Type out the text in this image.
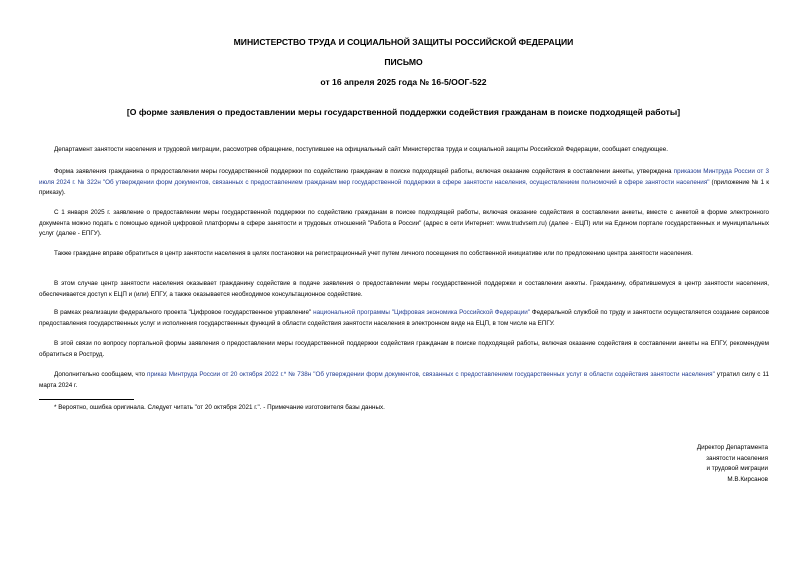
МИНИСТЕРСТВО ТРУДА И СОЦИАЛЬНОЙ ЗАЩИТЫ РОССИЙСКОЙ ФЕДЕРАЦИИ
ПИСЬМО
от 16 апреля 2025 года № 16-5/ООГ-522
[О форме заявления о предоставлении меры государственной поддержки содействия гражданам в поиске подходящей работы]
Департамент занятости населения и трудовой миграции, рассмотрев обращение, поступившее на официальный сайт Министерства труда и социальной защиты Российской Федерации, сообщает следующее.
Форма заявления гражданина о предоставлении меры государственной поддержки по содействию гражданам в поиске подходящей работы, включая оказание содействия в составлении анкеты, утверждена приказом Минтруда России от 3 июля 2024 г. № 322н "Об утверждении форм документов, связанных с предоставлением гражданам мер государственной поддержки в сфере занятости населения, осуществлением полномочий в сфере занятости населения" (приложение № 1 к приказу).
С 1 января 2025 г. заявление о предоставлении меры государственной поддержки по содействию гражданам в поиске подходящей работы, включая оказание содействия в составлении анкеты, вместе с анкетой в форме электронного документа можно подать с помощью единой цифровой платформы в сфере занятости и трудовых отношений "Работа в России" (адрес в сети Интернет: www.trudvsem.ru) (далее - ЕЦП) или на Едином портале государственных и муниципальных услуг (далее - ЕПГУ).
Также граждане вправе обратиться в центр занятости населения в целях постановки на регистрационный учет путем личного посещения по собственной инициативе или по предложению центра занятости населения.
В этом случае центр занятости населения оказывает гражданину содействие в подаче заявления о предоставлении меры государственной поддержки и составлении анкеты. Гражданину, обратившемуся в центр занятости населения, обеспечивается доступ к ЕЦП и (или) ЕПГУ, а также оказывается необходимое консультационное содействие.
В рамках реализации федерального проекта "Цифровое государственное управление" национальной программы "Цифровая экономика Российской Федерации" Федеральной службой по труду и занятости осуществляется создание сервисов предоставления государственных услуг и исполнения государственных функций в области содействия занятости населения в электронном виде на ЕЦП, в том числе на ЕПГУ.
В этой связи по вопросу портальной формы заявления о предоставлении меры государственной поддержки содействия гражданам в поиске подходящей работы, включая оказание содействия в составлении анкеты на ЕПГУ, рекомендуем обратиться в Роструд.
Дополнительно сообщаем, что приказ Минтруда России от 20 октября 2022 г.* № 738н "Об утверждении форм документов, связанных с предоставлением государственных услуг в области содействия занятости населения" утратил силу с 11 марта 2024 г.
* Вероятно, ошибка оригинала. Следует читать "от 20 октября 2021 г.". - Примечание изготовителя базы данных.
Директор Департамента
занятости населения
и трудовой миграции
М.В.Кирсанов
